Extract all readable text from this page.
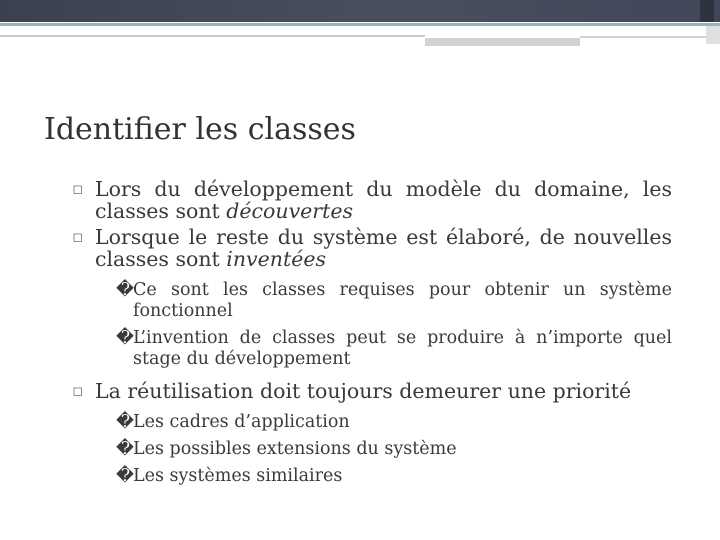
Identifier les classes
▫ Lors du développement du modèle du domaine, les classes sont découvertes
▫ Lorsque le reste du système est élaboré, de nouvelles classes sont inventées
� Ce sont les classes requises pour obtenir un système fonctionnel
� L’invention de classes peut se produire à n’importe quel stage du développement
▫ La réutilisation doit toujours demeurer une priorité
� Les cadres d’application
� Les possibles extensions du système
� Les systèmes similaires
